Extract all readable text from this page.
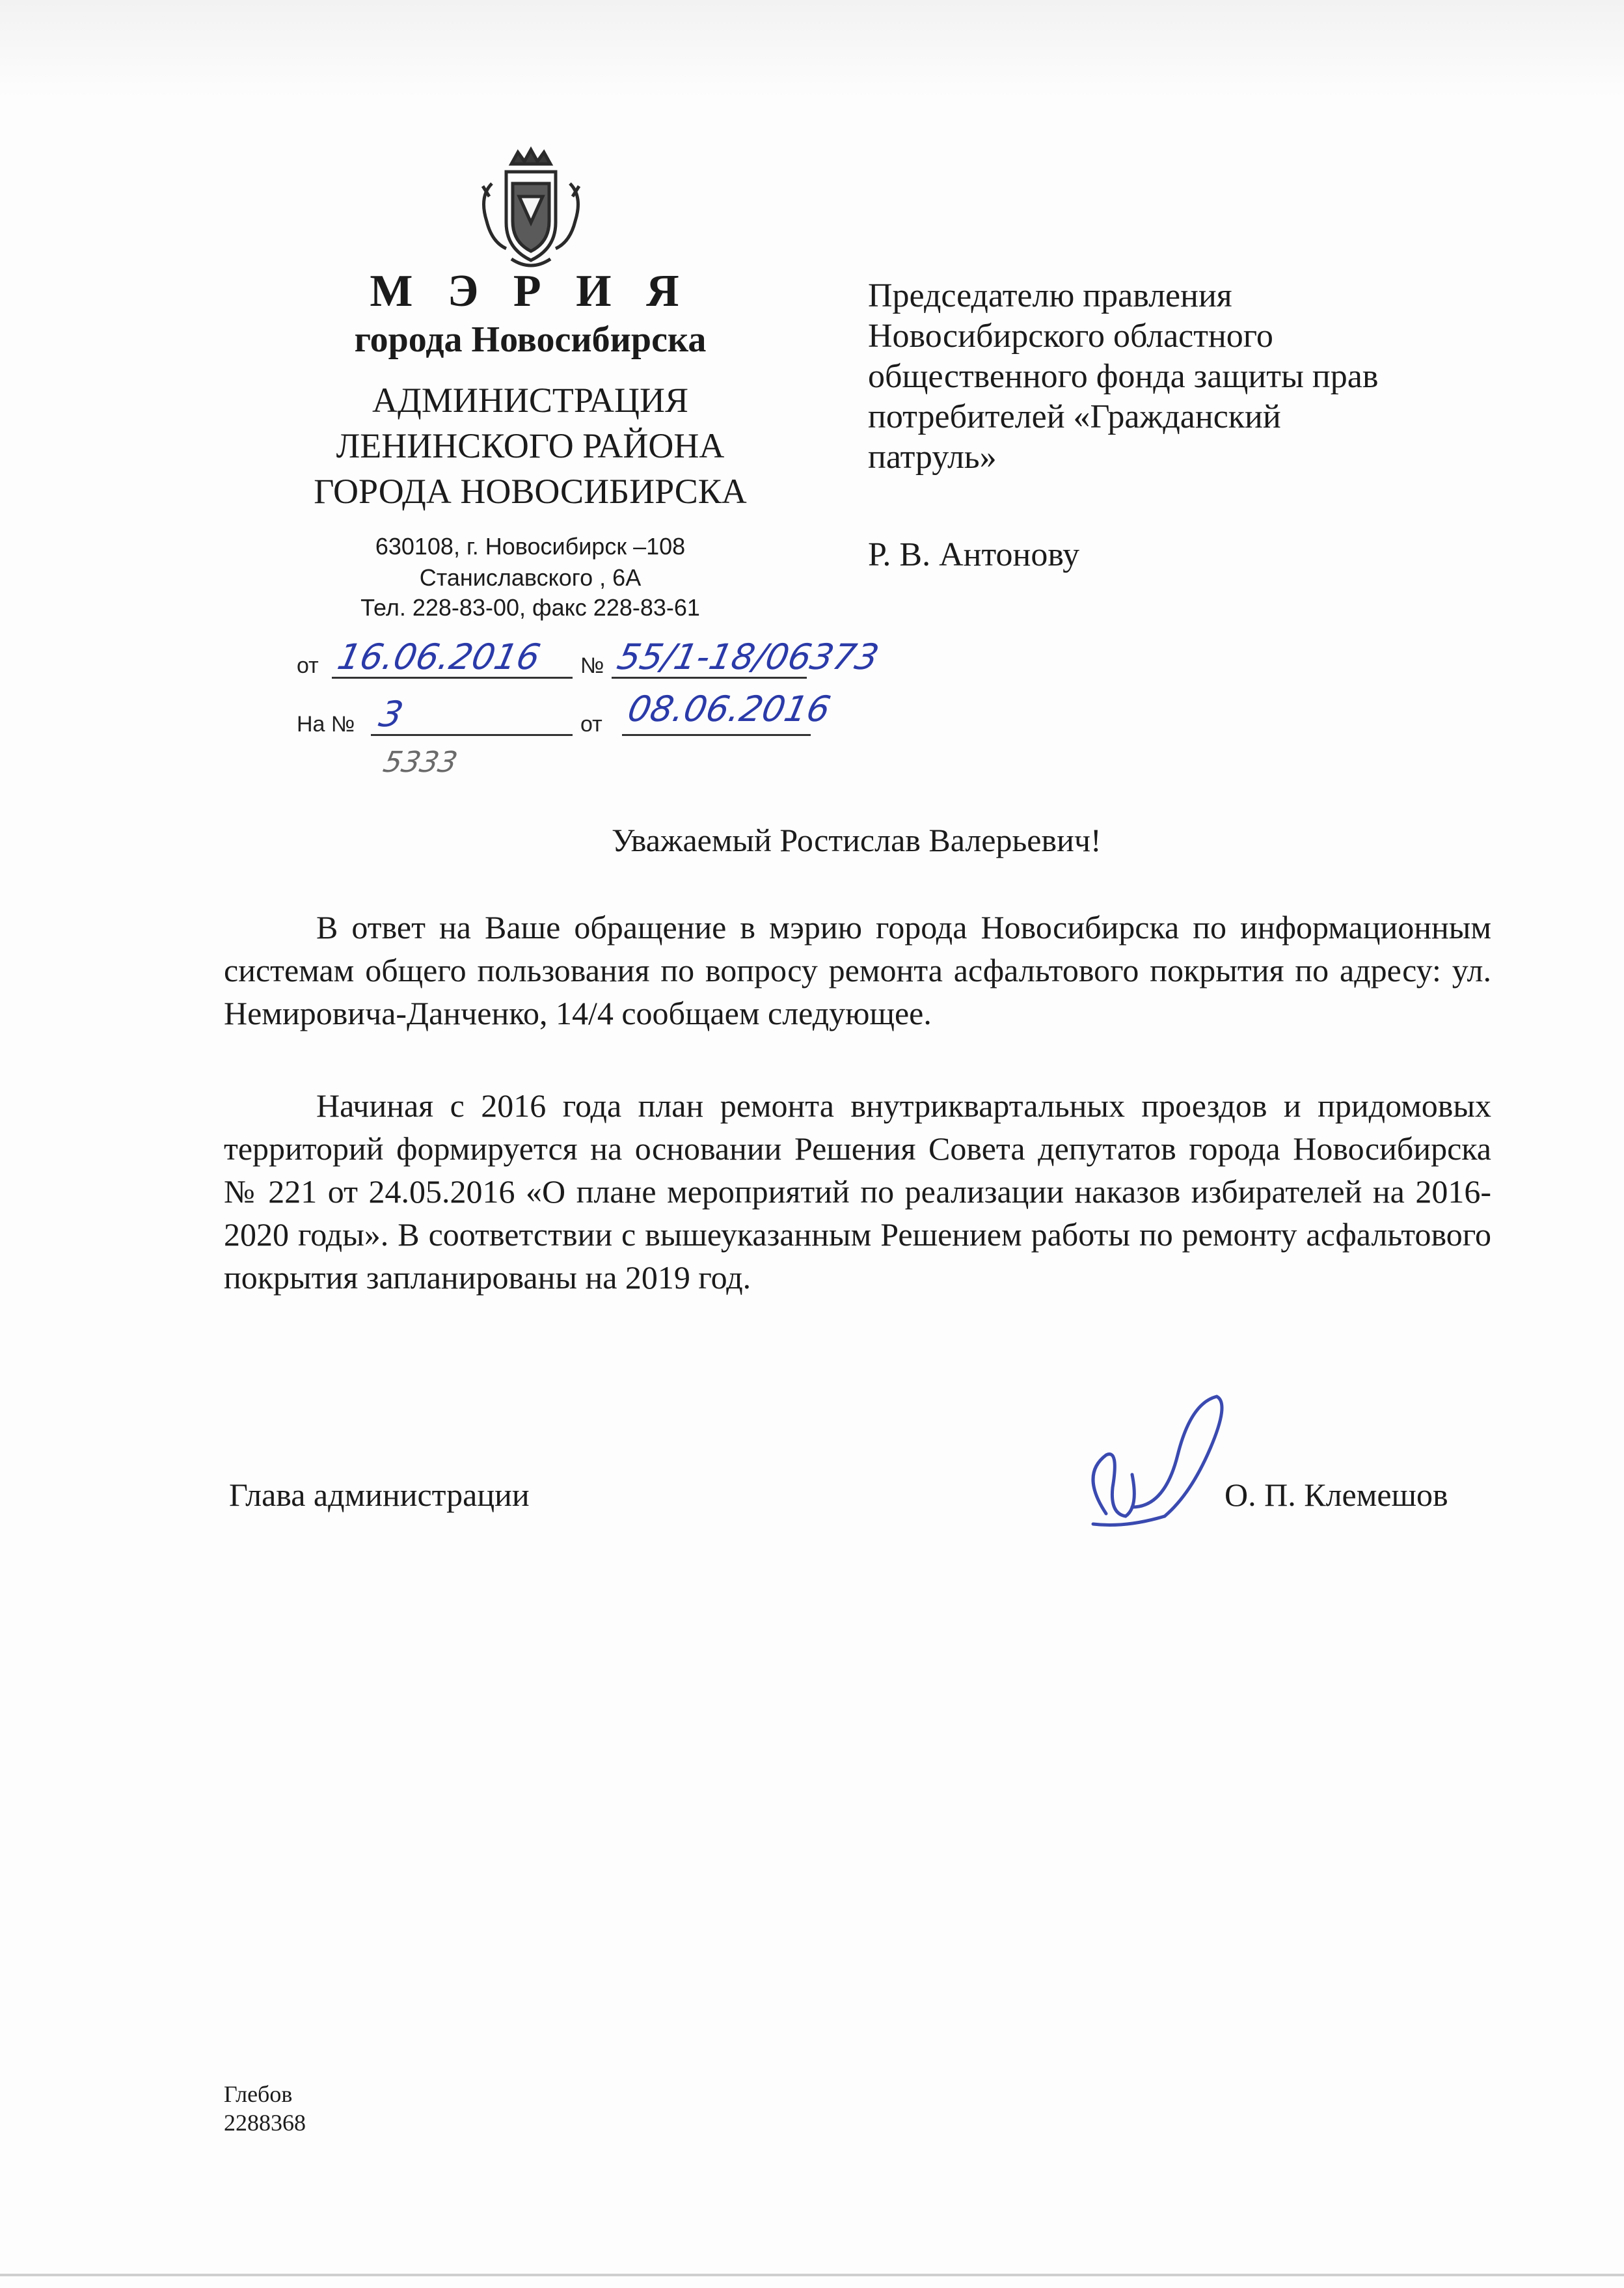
М Э Р И Я
города Новосибирска
АДМИНИСТРАЦИЯ
ЛЕНИНСКОГО РАЙОНА
ГОРОДА НОВОСИБИРСКА
630108, г. Новосибирск –108
Станиславского , 6А
Тел. 228-83-00, факс 228-83-61
от 16.06.2016 № 55/1-18/06373
На № 3	от 08.06.2016
5333
Председателю правления
Новосибирского областного
общественного фонда защиты прав
потребителей «Гражданский
патруль»
Р. В. Антонову
Уважаемый Ростислав Валерьевич!
В ответ на Ваше обращение в мэрию города Новосибирска по информационным системам общего пользования по вопросу ремонта асфальтового покрытия по адресу: ул. Немировича-Данченко, 14/4 сообщаем следующее.
Начиная с 2016 года план ремонта внутриквартальных проездов и придомовых территорий формируется на основании Решения Совета депутатов города Новосибирска № 221 от 24.05.2016 «О плане мероприятий по реализации наказов избирателей на 2016-2020 годы». В соответствии с вышеуказанным Решением работы по ремонту асфальтового покрытия запланированы на 2019 год.
Глава администрации	О. П. Клемешов
Глебов
2288368
